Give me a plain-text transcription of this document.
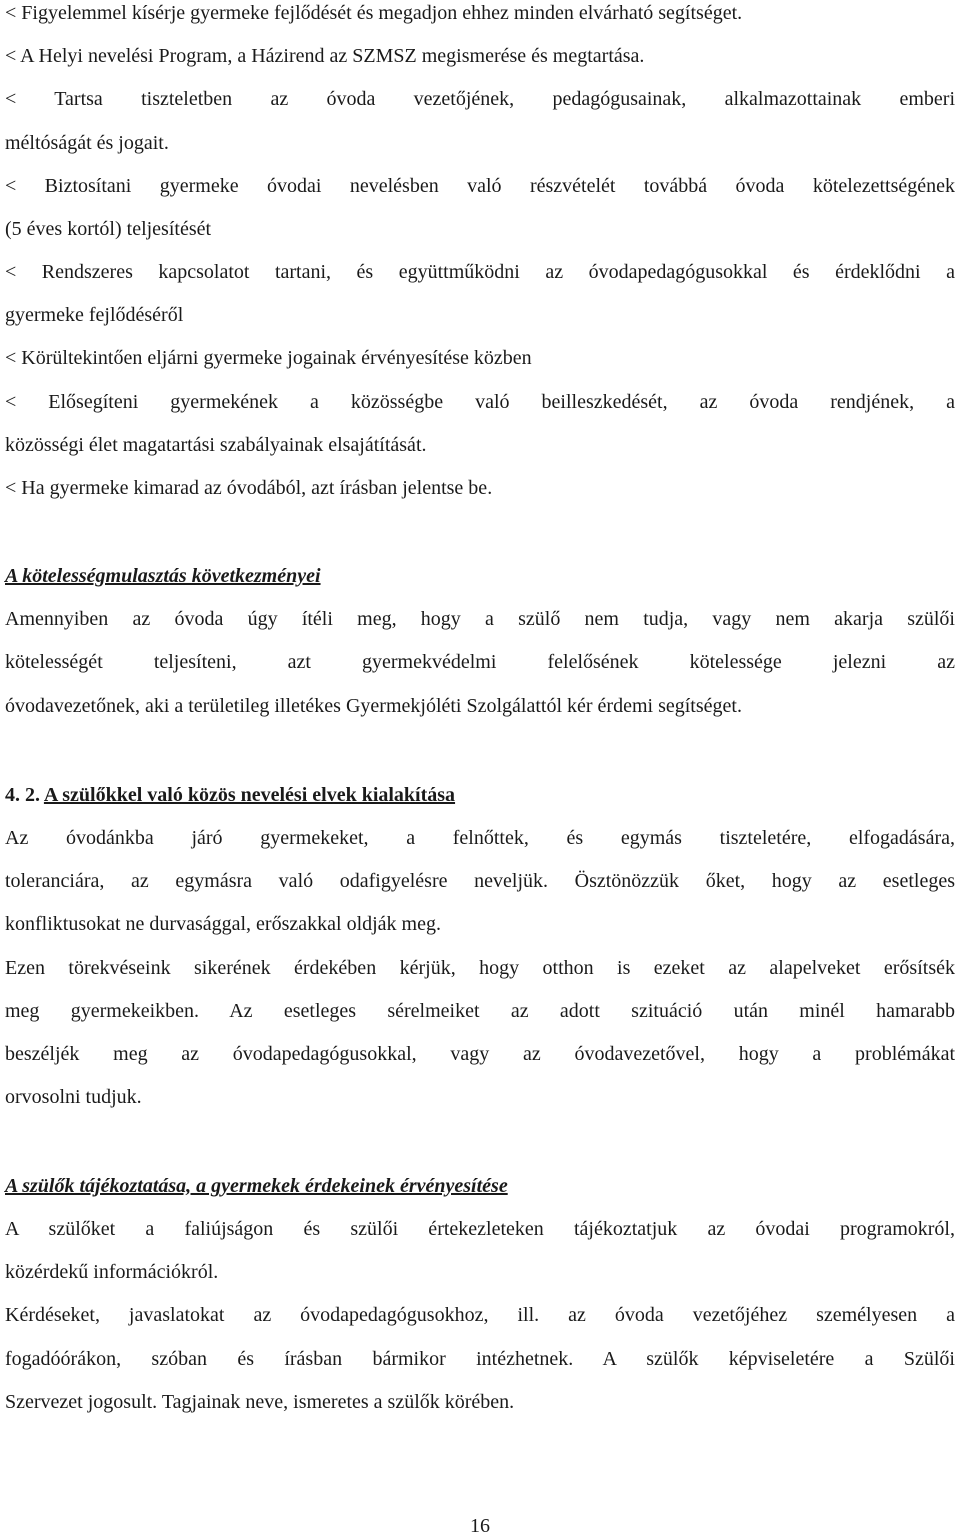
< Figyelemmel kísérje gyermeke fejlődését és megadjon ehhez minden elvárható segítséget.
< A Helyi nevelési Program, a Házirend az SZMSZ megismerése és megtartása.
< Tartsa tiszteletben az óvoda vezetőjének, pedagógusainak, alkalmazottainak emberi
méltóságát és jogait.
< Biztosítani gyermeke óvodai nevelésben való részvételét továbbá óvoda kötelezettségének
(5 éves kortól) teljesítését
< Rendszeres kapcsolatot tartani, és együttműködni az óvodapedagógusokkal és érdeklődni a
gyermeke fejlődéséről
< Körültekintően eljárni gyermeke jogainak érvényesítése közben
< Elősegíteni gyermekének a közösségbe való beilleszkedését, az óvoda rendjének, a
közösségi élet magatartási szabályainak elsajátítását.
< Ha gyermeke kimarad az óvodából, azt írásban jelentse be.
A kötelességmulasztás következményei
Amennyiben az óvoda úgy ítéli meg, hogy a szülő nem tudja, vagy nem akarja szülői
kötelességét teljesíteni, azt gyermekvédelmi felelősének kötelessége jelezni az
óvodavezetőnek, aki a területileg illetékes Gyermekjóléti Szolgálattól kér érdemi segítséget.
4. 2. A szülőkkel való közös nevelési elvek kialakítása
Az óvodánkba járó gyermekeket, a felnőttek, és egymás tiszteletére, elfogadására,
toleranciára, az egymásra való odafigyelésre neveljük. Ösztönözzük őket, hogy az esetleges
konfliktusokat ne durvasággal, erőszakkal oldják meg.
Ezen törekvéseink sikerének érdekében kérjük, hogy otthon is ezeket az alapelveket erősítsék
meg gyermekeikben. Az esetleges sérelmeiket az adott szituáció után minél hamarabb
beszéljék meg az óvodapedagógusokkal, vagy az óvodavezetővel, hogy a problémákat
orvosolni tudjuk.
A szülők tájékoztatása, a gyermekek érdekeinek érvényesítése
A szülőket a faliújságon és szülői értekezleteken tájékoztatjuk az óvodai programokról,
közérdekű információkról.
Kérdéseket, javaslatokat az óvodapedagógusokhoz, ill. az óvoda vezetőjéhez személyesen a
fogadóórákon, szóban és írásban bármikor intézhetnek. A szülők képviseletére a Szülői
Szervezet jogosult. Tagjainak neve, ismeretes a szülők körében.
16
